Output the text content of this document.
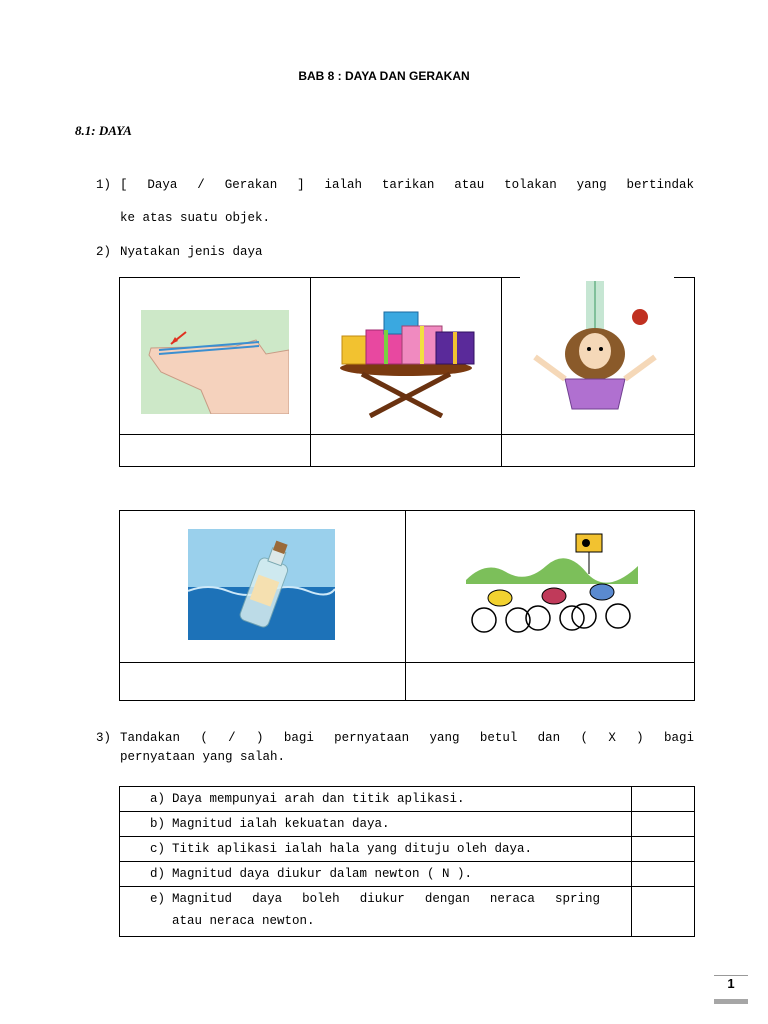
BAB 8 : DAYA DAN GERAKAN
8.1: DAYA
1) [ Daya / Gerakan ] ialah tarikan atau tolakan yang bertindak
ke atas suatu objek.
2) Nyatakan jenis daya

3) Tandakan ( / ) bagi pernyataan yang betul dan ( X ) bagi
pernyataan yang salah.
a) Daya mempunyai arah dan titik aplikasi.	
b) Magnitud ialah kekuatan daya.	
c) Titik aplikasi ialah hala yang dituju oleh daya.	
d) Magnitud daya diukur dalam newton ( N ).	

e) Magnitud daya boleh diukur dengan neraca spring
atau neraca newton.	

1
